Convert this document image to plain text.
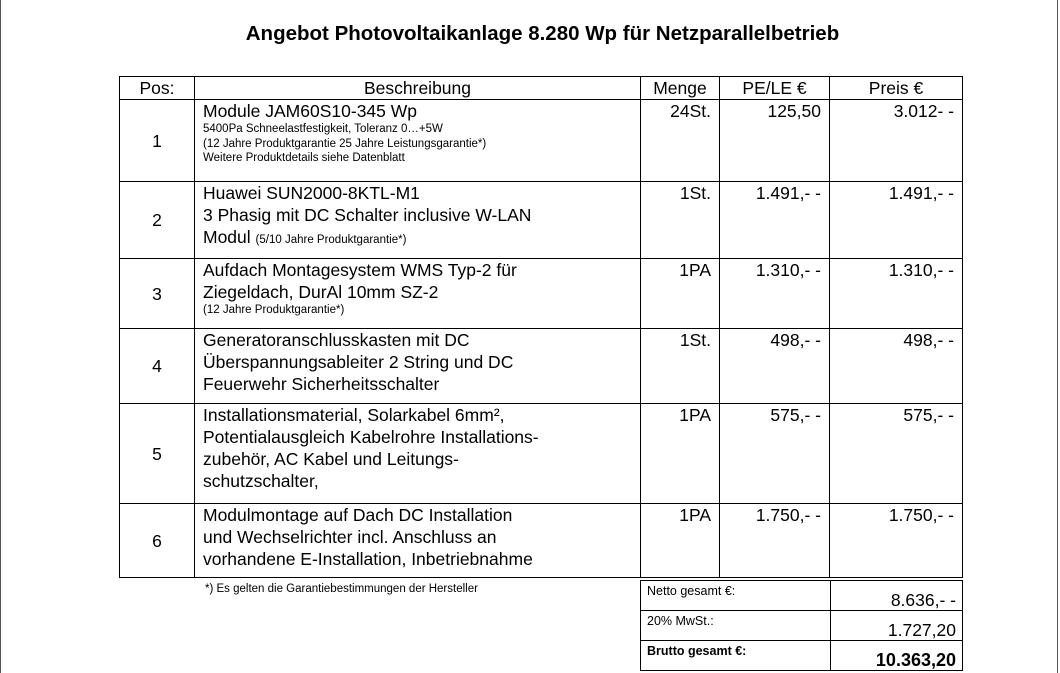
Angebot Photovoltaikanlage 8.280 Wp für Netzparallelbetrieb
Pos:	Beschreibung	Menge	PE/LE €	Preis €
1	Module JAM60S10-345 Wp
5400Pa Schneelastfestigkeit, Toleranz 0…+5W
(12 Jahre Produktgarantie 25 Jahre Leistungsgarantie*)
Weitere Produktdetails siehe Datenblatt	24St.	125,50	3.012- -
2	Huawei SUN2000-8KTL-M1
3 Phasig mit DC Schalter inclusive W-LAN
Modul (5/10 Jahre Produktgarantie*)	1St.	1.491,- -	1.491,- -
3	Aufdach Montagesystem WMS Typ-2 für
Ziegeldach, DurAl 10mm SZ-2
(12 Jahre Produktgarantie*)	1PA	1.310,- -	1.310,- -
4	Generatoranschlusskasten mit DC
Überspannungsableiter 2 String und DC
Feuerwehr Sicherheitsschalter	1St.	498,- -	498,- -
5	Installationsmaterial, Solarkabel 6mm²,
Potentialausgleich Kabelrohre Installations-
zubehör, AC Kabel und Leitungs-
schutzschalter,	1PA	575,- -	575,- -
6	Modulmontage auf Dach DC Installation
und Wechselrichter incl. Anschluss an
vorhandene E-Installation, Inbetriebnahme	1PA	1.750,- -	1.750,- -
*) Es gelten die Garantiebestimmungen der Hersteller	Netto gesamt €:	8.636,- -
20% MwSt.:	1.727,20
Brutto gesamt €:	10.363,20
